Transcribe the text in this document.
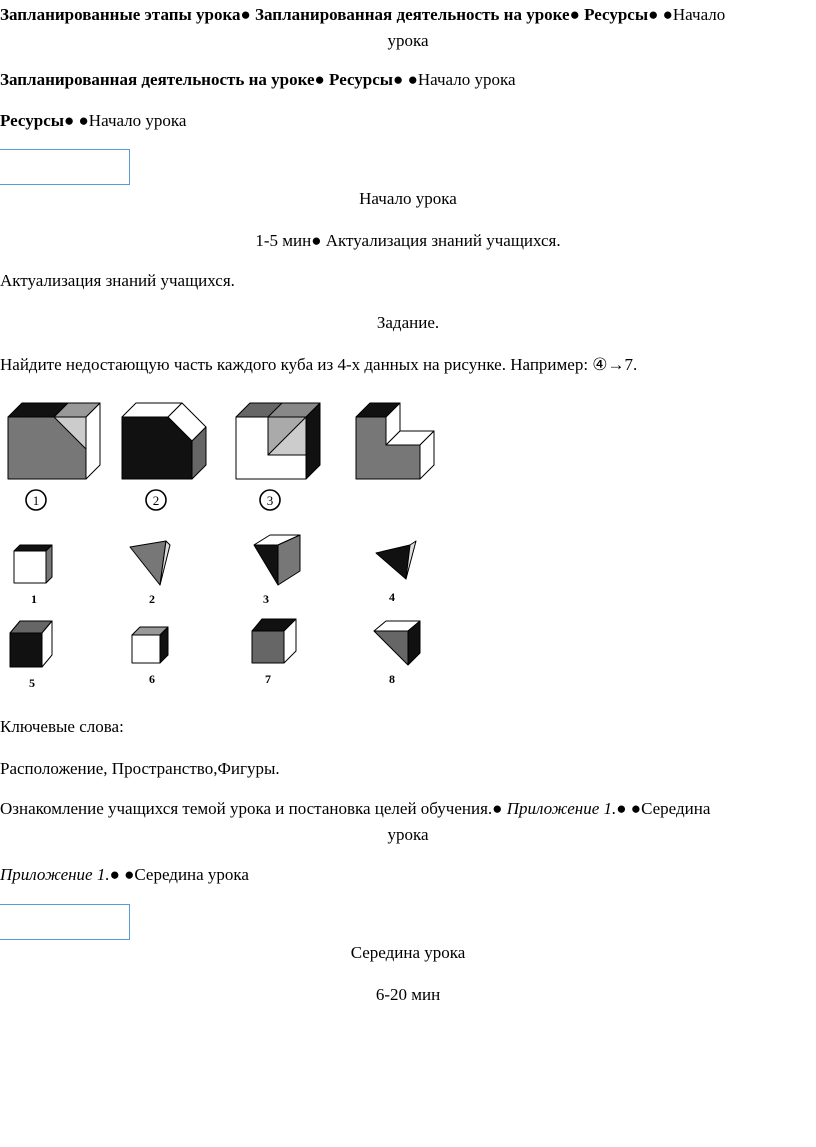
Запланированные этапы урока● Запланированная деятельность на уроке● Ресурсы● ●Начало
урока
Запланированная деятельность на уроке● Ресурсы● ●Начало урока
Ресурсы● ●Начало урока
Начало урока
1-5 мин● Актуализация знаний учащихся.
Актуализация знаний учащихся.
Задание.
Найдите недостающую часть каждого куба из 4-х данных на рисунке. Например: ④→7.
1	2	3
1	2	3	4
5	6	7	8
Ключевые слова:
Расположение, Пространство,Фигуры.
Ознакомление учащихся темой урока и постановка целей обучения.● Приложение 1.● ●Середина
урока
Приложение 1.● ●Середина урока
Середина урока
6-20 мин
